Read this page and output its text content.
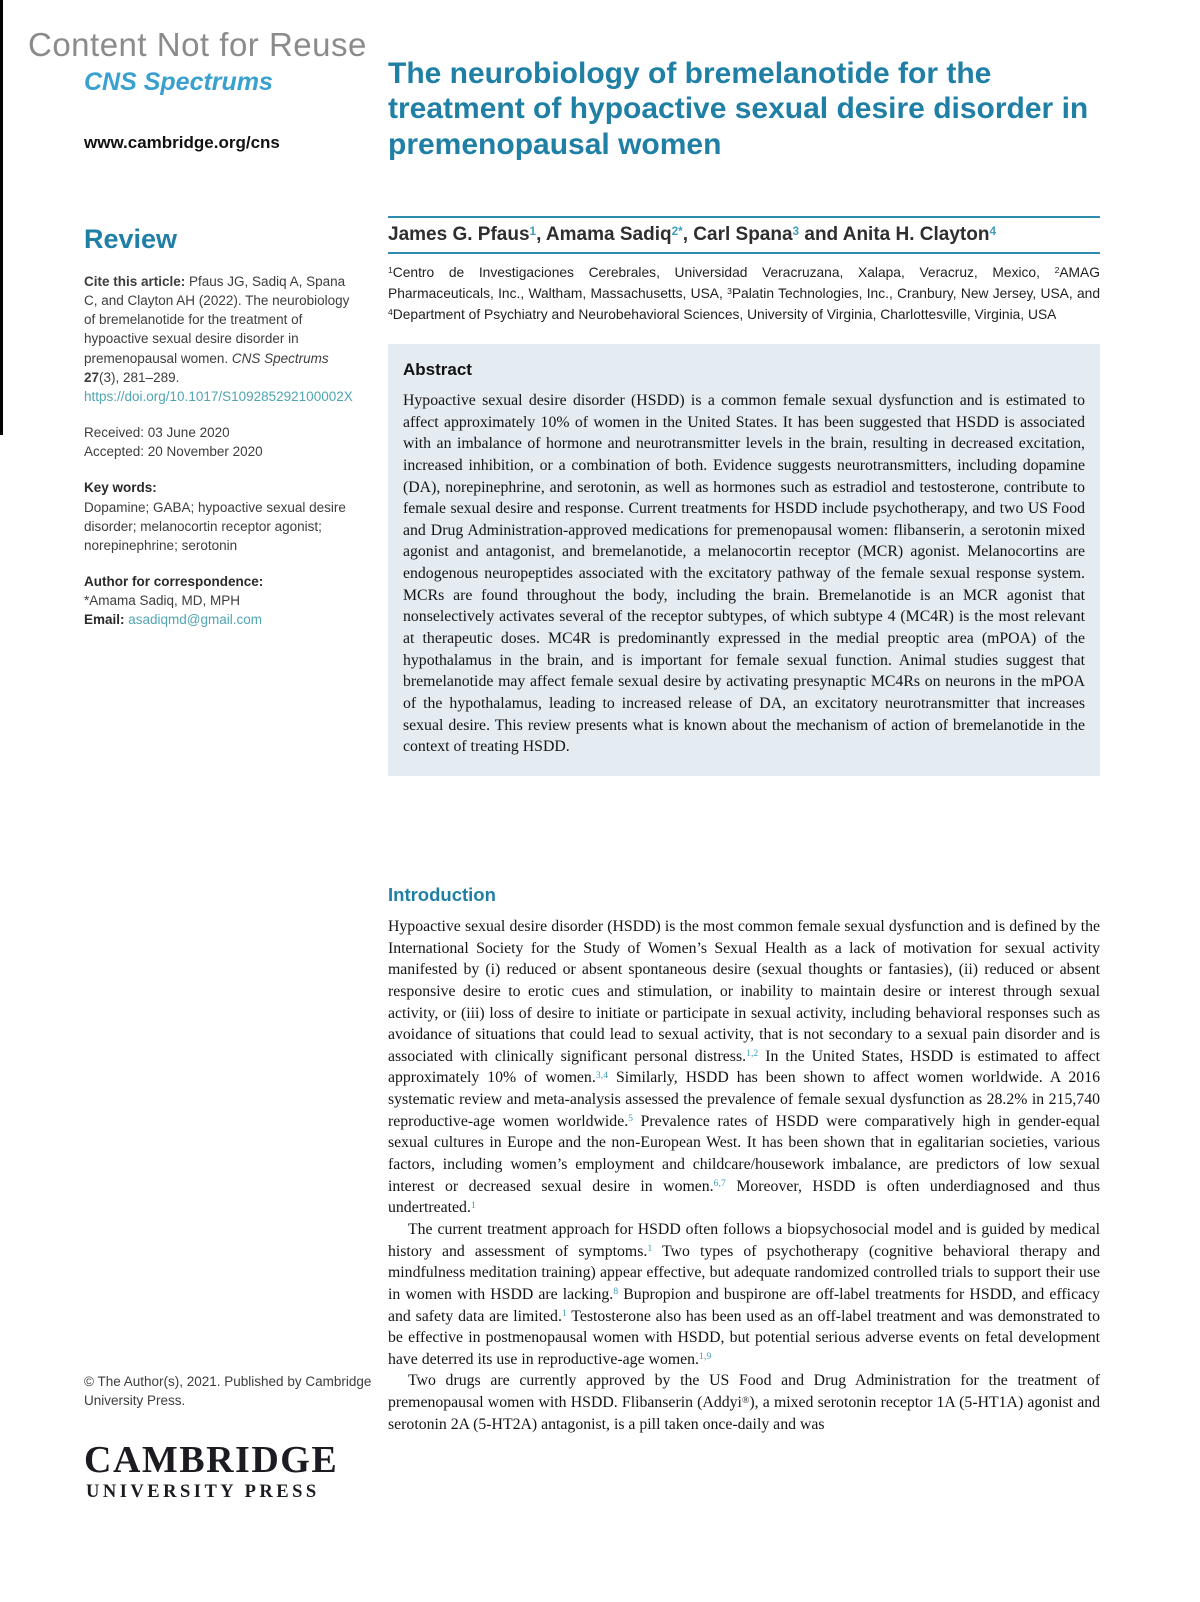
Content Not for Reuse
CNS Spectrums
www.cambridge.org/cns
Review
Cite this article: Pfaus JG, Sadiq A, Spana C, and Clayton AH (2022). The neurobiology of bremelanotide for the treatment of hypoactive sexual desire disorder in premenopausal women. CNS Spectrums 27(3), 281–289.
https://doi.org/10.1017/S109285292100002X
Received: 03 June 2020
Accepted: 20 November 2020
Key words:
Dopamine; GABA; hypoactive sexual desire disorder; melanocortin receptor agonist; norepinephrine; serotonin
Author for correspondence:
*Amama Sadiq, MD, MPH
Email: asadiqmd@gmail.com
© The Author(s), 2021. Published by Cambridge University Press.
CAMBRIDGE
UNIVERSITY PRESS
The neurobiology of bremelanotide for the treatment of hypoactive sexual desire disorder in premenopausal women
James G. Pfaus$^1$, Amama Sadiq$^{2*}$, Carl Spana$^3$ and Anita H. Clayton$^4$
$^1$Centro de Investigaciones Cerebrales, Universidad Veracruzana, Xalapa, Veracruz, Mexico, $^2$AMAG Pharmaceuticals, Inc., Waltham, Massachusetts, USA, $^3$Palatin Technologies, Inc., Cranbury, New Jersey, USA, and $^4$Department of Psychiatry and Neurobehavioral Sciences, University of Virginia, Charlottesville, Virginia, USA
Abstract
Hypoactive sexual desire disorder (HSDD) is a common female sexual dysfunction and is estimated to affect approximately 10% of women in the United States. It has been suggested that HSDD is associated with an imbalance of hormone and neurotransmitter levels in the brain, resulting in decreased excitation, increased inhibition, or a combination of both. Evidence suggests neurotransmitters, including dopamine (DA), norepinephrine, and serotonin, as well as hormones such as estradiol and testosterone, contribute to female sexual desire and response. Current treatments for HSDD include psychotherapy, and two US Food and Drug Administration-approved medications for premenopausal women: flibanserin, a serotonin mixed agonist and antagonist, and bremelanotide, a melanocortin receptor (MCR) agonist. Melanocortins are endogenous neuropeptides associated with the excitatory pathway of the female sexual response system. MCRs are found throughout the body, including the brain. Bremelanotide is an MCR agonist that nonselectively activates several of the receptor subtypes, of which subtype 4 (MC4R) is the most relevant at therapeutic doses. MC4R is predominantly expressed in the medial preoptic area (mPOA) of the hypothalamus in the brain, and is important for female sexual function. Animal studies suggest that bremelanotide may affect female sexual desire by activating presynaptic MC4Rs on neurons in the mPOA of the hypothalamus, leading to increased release of DA, an excitatory neurotransmitter that increases sexual desire. This review presents what is known about the mechanism of action of bremelanotide in the context of treating HSDD.
Introduction

Hypoactive sexual desire disorder (HSDD) is the most common female sexual dysfunction and is defined by the International Society for the Study of Women’s Sexual Health as a lack of motivation for sexual activity manifested by (i) reduced or absent spontaneous desire (sexual thoughts or fantasies), (ii) reduced or absent responsive desire to erotic cues and stimulation, or inability to maintain desire or interest through sexual activity, or (iii) loss of desire to initiate or participate in sexual activity, including behavioral responses such as avoidance of situations that could lead to sexual activity, that is not secondary to a sexual pain disorder and is associated with clinically significant personal distress.$^{1,2}$ In the United States, HSDD is estimated to affect approximately 10% of women.$^{3,4}$ Similarly, HSDD has been shown to affect women worldwide. A 2016 systematic review and meta-analysis assessed the prevalence of female sexual dysfunction as 28.2% in 215,740 reproductive-age women worldwide.$^5$ Prevalence rates of HSDD were comparatively high in gender-equal sexual cultures in Europe and the non-European West. It has been shown that in egalitarian societies, various factors, including women’s employment and childcare/housework imbalance, are predictors of low sexual interest or decreased sexual desire in women.$^{6,7}$ Moreover, HSDD is often underdiagnosed and thus undertreated.$^1$

The current treatment approach for HSDD often follows a biopsychosocial model and is guided by medical history and assessment of symptoms.$^1$ Two types of psychotherapy (cognitive behavioral therapy and mindfulness meditation training) appear effective, but adequate randomized controlled trials to support their use in women with HSDD are lacking.$^8$ Bupropion and buspirone are off-label treatments for HSDD, and efficacy and safety data are limited.$^1$ Testosterone also has been used as an off-label treatment and was demonstrated to be effective in postmenopausal women with HSDD, but potential serious adverse events on fetal development have deterred its use in reproductive-age women.$^{1,9}$

Two drugs are currently approved by the US Food and Drug Administration for the treatment of premenopausal women with HSDD. Flibanserin (Addyi®), a mixed serotonin receptor 1A (5-HT1A) agonist and serotonin 2A (5-HT2A) antagonist, is a pill taken once-daily and was
